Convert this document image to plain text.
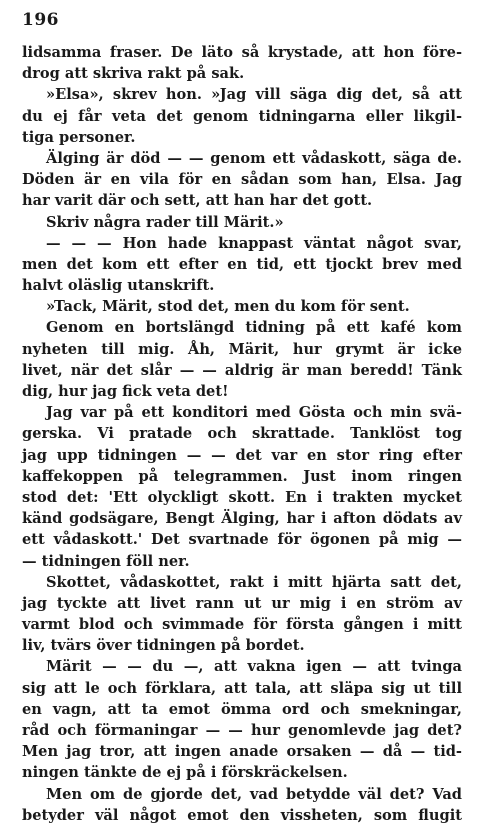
196
lidsamma fraser. De läto så krystade, att hon före-
drog att skriva rakt på sak.
»Elsa», skrev hon. »Jag vill säga dig det, så att
du ej får veta det genom tidningarna eller likgil-
tiga personer.
Älging är död — — genom ett vådaskott, säga de.
Döden är en vila för en sådan som han, Elsa. Jag
har varit där och sett, att han har det gott.
Skriv några rader till Märit.»
— — — Hon hade knappast väntat något svar,
men det kom ett efter en tid, ett tjockt brev med
halvt oläslig utanskrift.
»Tack, Märit, stod det, men du kom för sent.
Genom en bortslängd tidning på ett kafé kom
nyheten till mig. Åh, Märit, hur grymt är icke
livet, när det slår — — aldrig är man beredd! Tänk
dig, hur jag fick veta det!
Jag var på ett konditori med Gösta och min svä-
gerska. Vi pratade och skrattade. Tanklöst tog
jag upp tidningen — — det var en stor ring efter
kaffekoppen på telegrammen. Just inom ringen
stod det: 'Ett olyckligt skott. En i trakten mycket
känd godsägare, Bengt Älging, har i afton dödats av
ett vådaskott.' Det svartnade för ögonen på mig —
— tidningen föll ner.
Skottet, vådaskottet, rakt i mitt hjärta satt det,
jag tyckte att livet rann ut ur mig i en ström av
varmt blod och svimmade för första gången i mitt
liv, tvärs över tidningen på bordet.
Märit — — du —, att vakna igen — att tvinga
sig att le och förklara, att tala, att släpa sig ut till
en vagn, att ta emot ömma ord och smekningar,
råd och förmaningar — — hur genomlevde jag det?
Men jag tror, att ingen anade orsaken — då — tid-
ningen tänkte de ej på i förskräckelsen.
Men om de gjorde det, vad betydde väl det? Vad
betyder väl något emot den vissheten, som flugit
